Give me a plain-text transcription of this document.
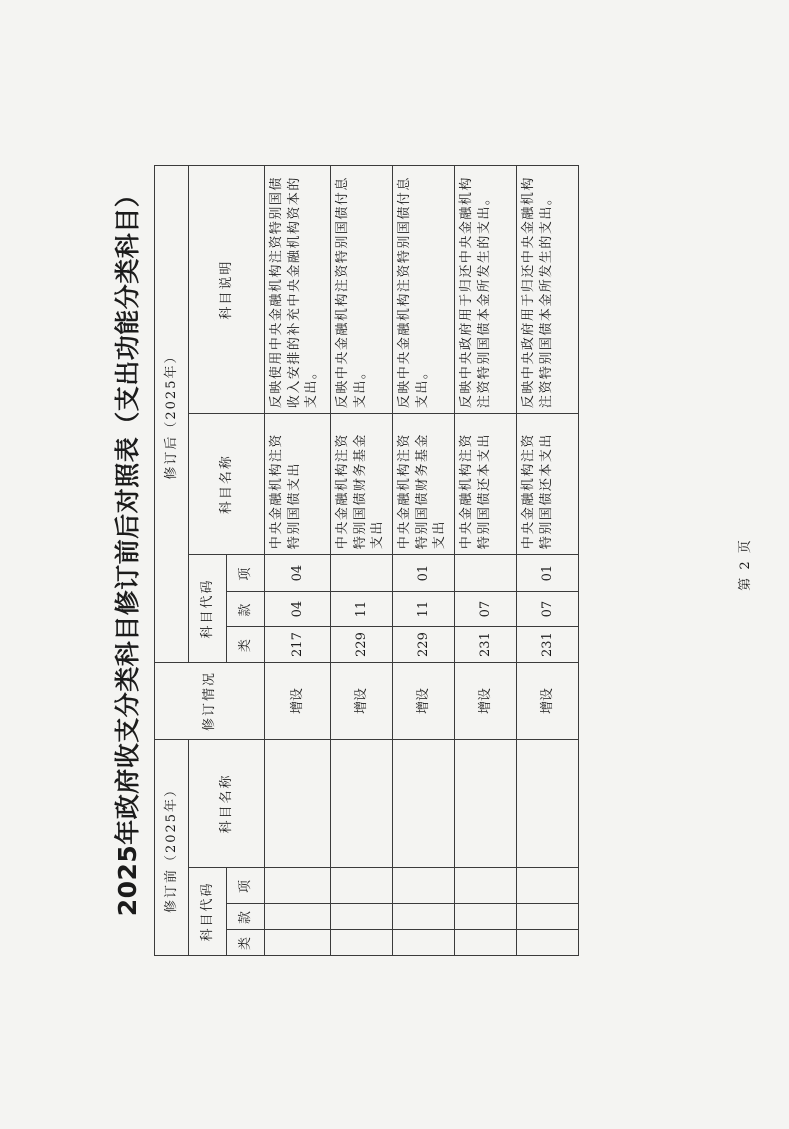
2025年政府收支分类科目修订前后对照表（支出功能分类科目） 修订前（2025年）				修订情况	修订后（2025年）				
科目代码			科目名称		科目代码			科目名称	科目说明
类	款	项			类	款	项		
				增设	217	04	04	中央金融机构注资特别国债支出	反映使用中央金融机构注资特别国债收入安排的补充中央金融机构资本的支出。
				增设	229	11		中央金融机构注资特别国债财务基金支出	反映中央金融机构注资特别国债付息支出。
				增设	229	11	01	中央金融机构注资特别国债财务基金支出	反映中央金融机构注资特别国债付息支出。
				增设	231	07		中央金融机构注资特别国债还本支出	反映中央政府用于归还中央金融机构注资特别国债本金所发生的支出。
				增设	231	07	01	中央金融机构注资特别国债还本支出	反映中央政府用于归还中央金融机构注资特别国债本金所发生的支出。
第 2 页
